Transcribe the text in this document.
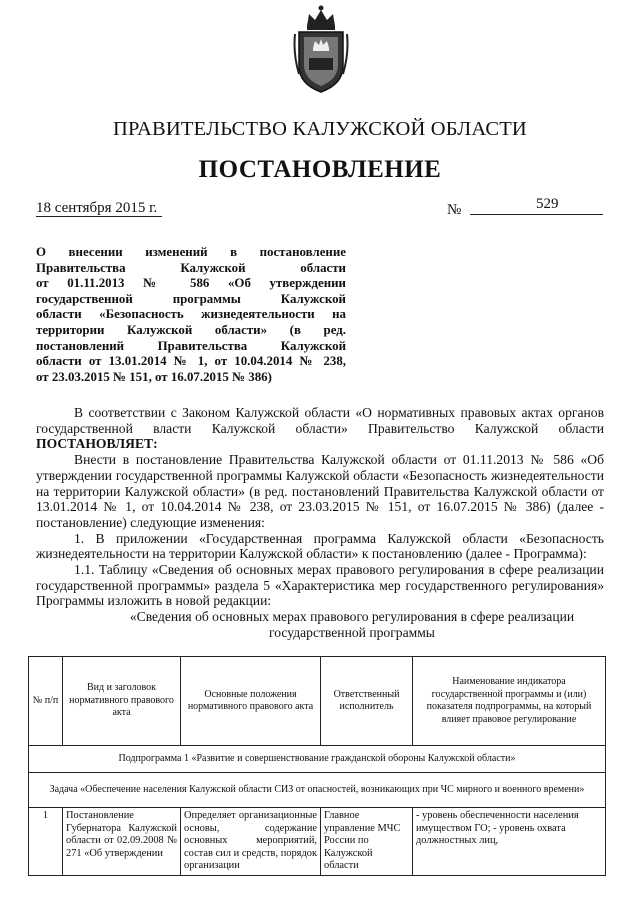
ПРАВИТЕЛЬСТВО КАЛУЖСКОЙ ОБЛАСТИ
ПОСТАНОВЛЕНИЕ
18 сентября 2015 г.	№	529
О внесении изменений в постановление
Правительства Калужской области
от 01.11.2013 № 586 «Об утверждении
государственной программы Калужской
области «Безопасность жизнедеятельности на
территории Калужской области» (в ред.
постановлений Правительства Калужской
области от 13.01.2014 № 1, от 10.04.2014 № 238,
от 23.03.2015 № 151, от 16.07.2015 № 386)

В соответствии с Законом Калужской области «О нормативных правовых актах органов государственной власти Калужской области» Правительство Калужской области ПОСТАНОВЛЯЕТ:

Внести в постановление Правительства Калужской области от 01.11.2013 № 586 «Об утверждении государственной программы Калужской области «Безопасность жизнедеятельности на территории Калужской области» (в ред. постановлений Правительства Калужской области от 13.01.2014 № 1, от 10.04.2014 № 238, от 23.03.2015 № 151, от 16.07.2015 № 386) (далее - постановление) следующие изменения:

1. В приложении «Государственная программа Калужской области «Безопасность жизнедеятельности на территории Калужской области» к постановлению (далее - Программа):

1.1. Таблицу «Сведения об основных мерах правового регулирования в сфере реализации государственной программы» раздела 5 «Характеристика мер государственного регулирования» Программы изложить в новой редакции:

«Сведения об основных мерах правового регулирования в сфере реализации государственной программы

№ п/п	Вид и заголовок нормативного правового акта	Основные положения нормативного правового акта	Ответственный исполнитель	Наименование индикатора государственной программы и (или) показателя подпрограммы, на который влияет правовое регулирование
Подпрограмма 1 «Развитие и совершенствование гражданской обороны Калужской области»				
Задача «Обеспечение населения Калужской области СИЗ от опасностей, возникающих при ЧС мирного и военного времени»				
1	Постановление Губернатора Калужской области от 02.09.2008 № 271 «Об утверждении	Определяет организационные основы, содержание основных мероприятий, состав сил и средств, порядок организации	Главное управление МЧС России по Калужской области	- уровень обеспеченности населения имуществом ГО; - уровень охвата должностных лиц,
